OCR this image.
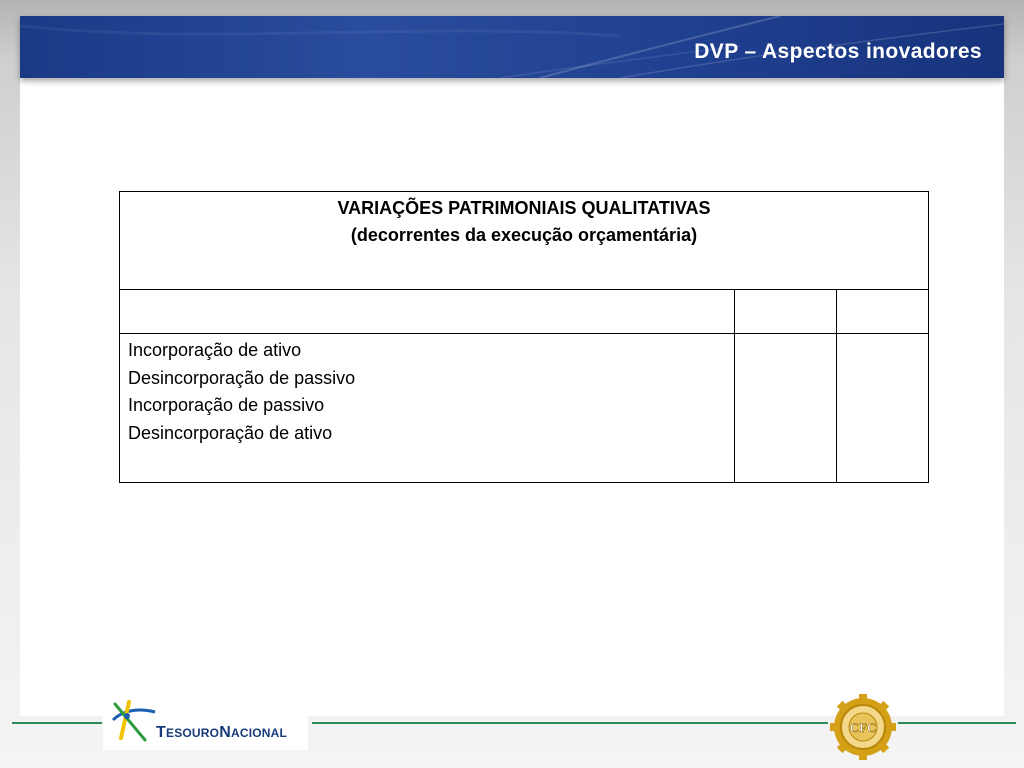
DVP – Aspectos inovadores
VARIAÇÕES PATRIMONIAIS QUALITATIVAS
(decorrentes da execução orçamentária)		

Incorporação de ativo
Desincorporação de passivo
Incorporação de passivo
Desincorporação de ativo		

TESOURONACIONAL	CFC
